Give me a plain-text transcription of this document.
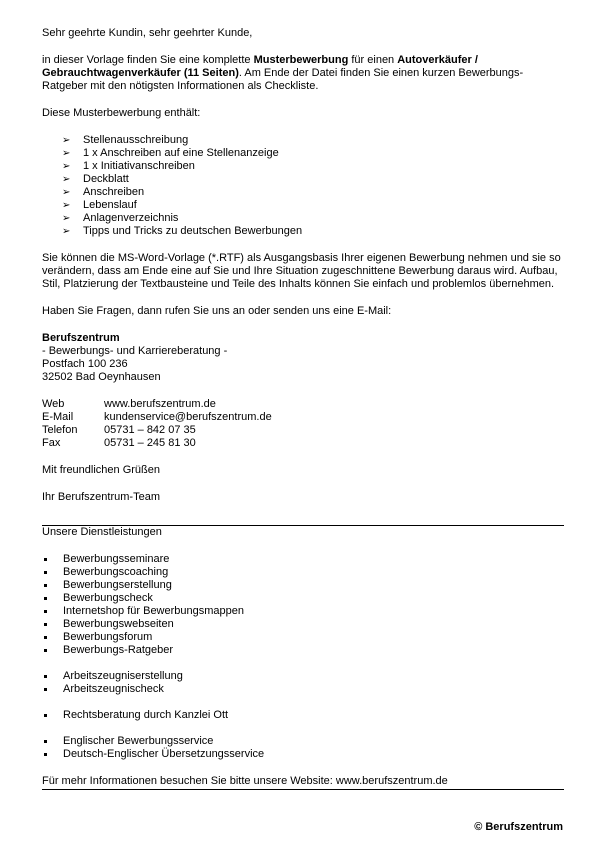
Sehr geehrte Kundin, sehr geehrter Kunde,

in dieser Vorlage finden Sie eine komplette Musterbewerbung für einen Autoverkäufer / Gebrauchtwagenverkäufer (11 Seiten). Am Ende der Datei finden Sie einen kurzen Bewerbungs-Ratgeber mit den nötigsten Informationen als Checkliste.

Diese Musterbewerbung enthält:

➢ Stellenausschreibung
➢ 1 x Anschreiben auf eine Stellenanzeige
➢ 1 x Initiativanschreiben
➢ Deckblatt
➢ Anschreiben
➢ Lebenslauf
➢ Anlagenverzeichnis
➢ Tipps und Tricks zu deutschen Bewerbungen

Sie können die MS-Word-Vorlage (*.RTF) als Ausgangsbasis Ihrer eigenen Bewerbung nehmen und sie so verändern, dass am Ende eine auf Sie und Ihre Situation zugeschnittene Bewerbung daraus wird. Aufbau, Stil, Platzierung der Textbausteine und Teile des Inhalts können Sie einfach und problemlos übernehmen.

Haben Sie Fragen, dann rufen Sie uns an oder senden uns eine E-Mail:

Berufszentrum

- Bewerbungs- und Karriereberatung -

Postfach 100 236

32502 Bad Oeynhausen

Web	www.berufszentrum.de
E-Mail	kundenservice@berufszentrum.de
Telefon	05731 – 842 07 35
Fax	05731 – 245 81 30

Mit freundlichen Grüßen

Ihr Berufszentrum-Team

Unsere Dienstleistungen

Bewerbungsseminare
Bewerbungscoaching
Bewerbungserstellung
Bewerbungscheck
Internetshop für Bewerbungsmappen
Bewerbungswebseiten
Bewerbungsforum
Bewerbungs-Ratgeber
Arbeitszeugniserstellung
Arbeitszeugnischeck
Rechtsberatung durch Kanzlei Ott
Englischer Bewerbungsservice
Deutsch-Englischer Übersetzungsservice

Für mehr Informationen besuchen Sie bitte unsere Website: www.berufszentrum.de

© Berufszentrum
